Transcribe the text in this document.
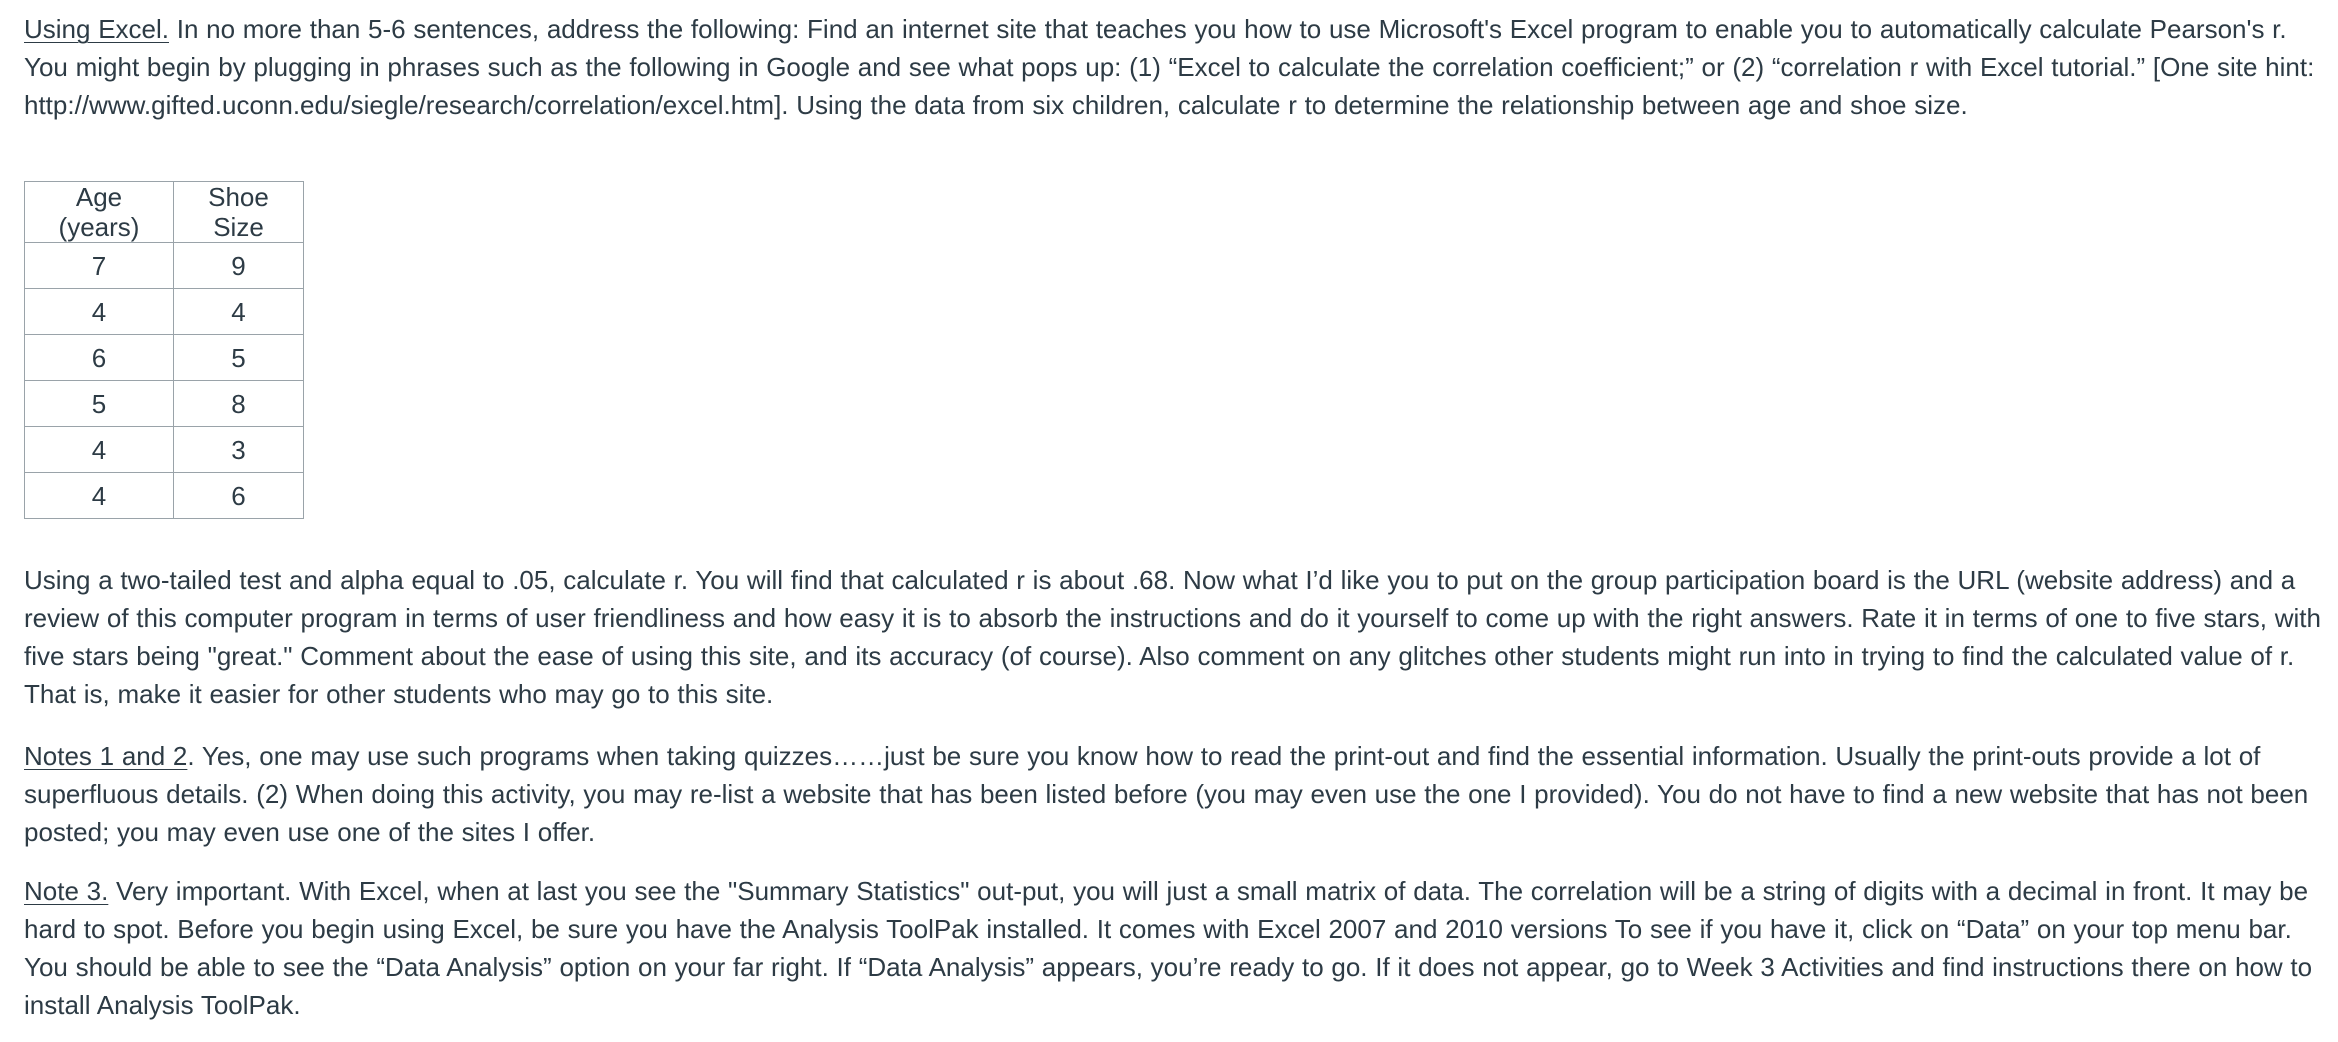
Using Excel. In no more than 5-6 sentences, address the following: Find an internet site that teaches you how to use Microsoft's Excel program to enable you to automatically calculate Pearson's r. You might begin by plugging in phrases such as the following in Google and see what pops up: (1) “Excel to calculate the correlation coefficient;” or (2) “correlation r with Excel tutorial.” [One site hint: http://www.gifted.uconn.edu/siegle/research/correlation/excel.htm]. Using the data from six children, calculate r to determine the relationship between age and shoe size.

Age (years)	Shoe Size
7	9
4	4
6	5
5	8
4	3
4	6

Using a two-tailed test and alpha equal to .05, calculate r. You will find that calculated r is about .68. Now what I’d like you to put on the group participation board is the URL (website address) and a review of this computer program in terms of user friendliness and how easy it is to absorb the instructions and do it yourself to come up with the right answers. Rate it in terms of one to five stars, with five stars being "great." Comment about the ease of using this site, and its accuracy (of course). Also comment on any glitches other students might run into in trying to find the calculated value of r. That is, make it easier for other students who may go to this site.

Notes 1 and 2. Yes, one may use such programs when taking quizzes……just be sure you know how to read the print-out and find the essential information. Usually the print-outs provide a lot of superfluous details. (2) When doing this activity, you may re-list a website that has been listed before (you may even use the one I provided). You do not have to find a new website that has not been posted; you may even use one of the sites I offer.

Note 3. Very important. With Excel, when at last you see the "Summary Statistics" out-put, you will just a small matrix of data. The correlation will be a string of digits with a decimal in front. It may be hard to spot. Before you begin using Excel, be sure you have the Analysis ToolPak installed. It comes with Excel 2007 and 2010 versions To see if you have it, click on “Data” on your top menu bar. You should be able to see the “Data Analysis” option on your far right. If “Data Analysis” appears, you’re ready to go. If it does not appear, go to Week 3 Activities and find instructions there on how to install Analysis ToolPak.
